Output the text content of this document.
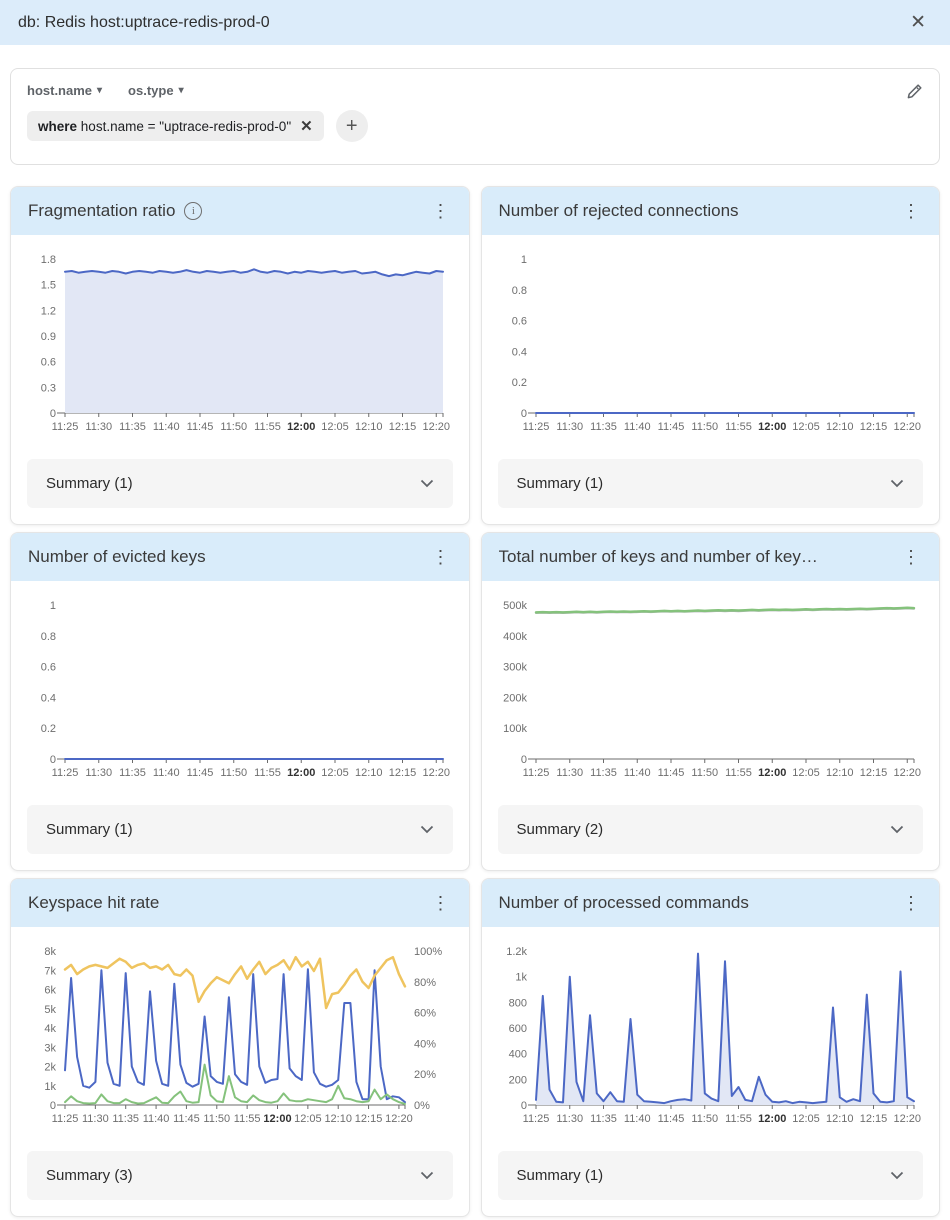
db: Redis host:uptrace-redis-prod-0	✕
host.name ▾ os.type ▾
where host.name = "uptrace-redis-prod-0" ✕	+
Fragmentation ratio	i	⋮
0
0.3
0.6
0.9
1.2
1.5
1.8
11:25 11:30 11:35 11:40 11:45 11:50 11:55 12:00 12:05 12:10 12:15 12:20
Summary (1)
Number of rejected connections	⋮
0
0.2
0.4
0.6
0.8
1
11:25 11:30 11:35 11:40 11:45 11:50 11:55 12:00 12:05 12:10 12:15 12:20
Summary (1)
Number of evicted keys	⋮
0
0.2
0.4
0.6
0.8
1
11:25 11:30 11:35 11:40 11:45 11:50 11:55 12:00 12:05 12:10 12:15 12:20
Summary (1)
Total number of keys and number of key…	⋮
0
100k
200k
300k
400k
500k
11:25 11:30 11:35 11:40 11:45 11:50 11:55 12:00 12:05 12:10 12:15 12:20
Summary (2)
Keyspace hit rate	⋮
0
1k
2k
3k
4k
5k
6k
7k
8k
0%
20%
40%
60%
80%
100%
11:25 11:30 11:35 11:40 11:45 11:50 11:55 12:00 12:05 12:10 12:15 12:20
Summary (3)
Number of processed commands	⋮
0
200
400
600
800
1k
1.2k
11:25 11:30 11:35 11:40 11:45 11:50 11:55 12:00 12:05 12:10 12:15 12:20
Summary (1)
